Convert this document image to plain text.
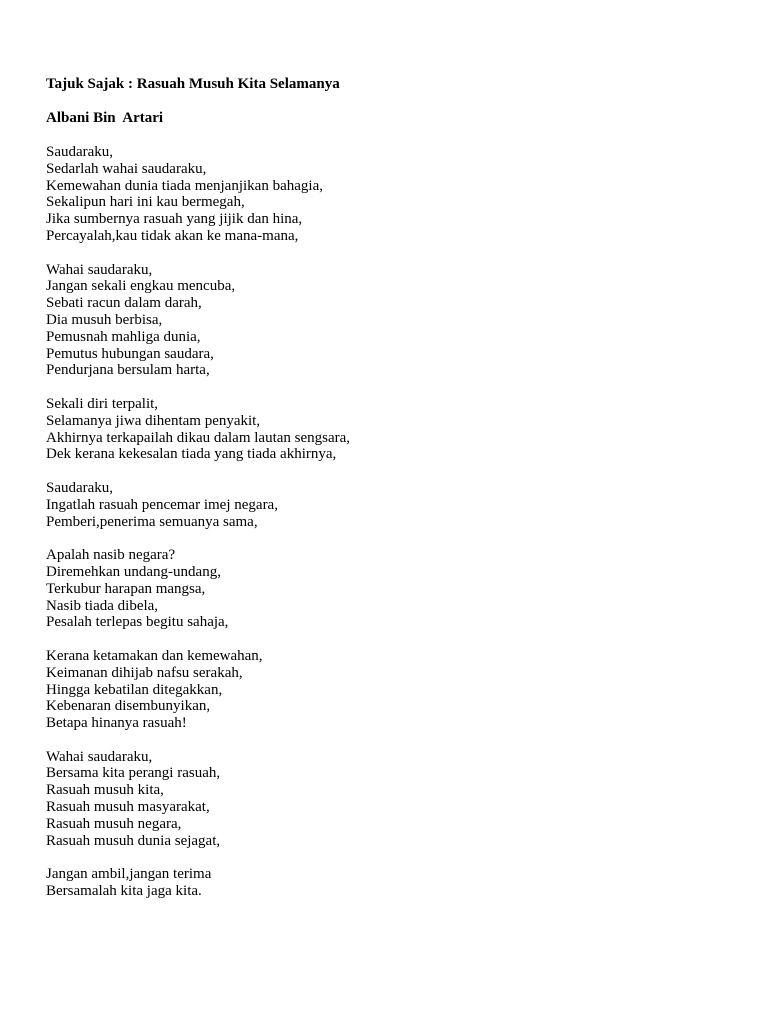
Tajuk Sajak : Rasuah Musuh Kita Selamanya

Albani Bin  Artari

Saudaraku,
Sedarlah wahai saudaraku,
Kemewahan dunia tiada menjanjikan bahagia,
Sekalipun hari ini kau bermegah,
Jika sumbernya rasuah yang jijik dan hina,
Percayalah,kau tidak akan ke mana-mana,
Wahai saudaraku,
Jangan sekali engkau mencuba,
Sebati racun dalam darah,
Dia musuh berbisa,
Pemusnah mahliga dunia,
Pemutus hubungan saudara,
Pendurjana bersulam harta,
Sekali diri terpalit,
Selamanya jiwa dihentam penyakit,
Akhirnya terkapailah dikau dalam lautan sengsara,
Dek kerana kekesalan tiada yang tiada akhirnya,
Saudaraku,
Ingatlah rasuah pencemar imej negara,
Pemberi,penerima semuanya sama,
Apalah nasib negara?
Diremehkan undang-undang,
Terkubur harapan mangsa,
Nasib tiada dibela,
Pesalah terlepas begitu sahaja,
Kerana ketamakan dan kemewahan,
Keimanan dihijab nafsu serakah,
Hingga kebatilan ditegakkan,
Kebenaran disembunyikan,
Betapa hinanya rasuah!
Wahai saudaraku,
Bersama kita perangi rasuah,
Rasuah musuh kita,
Rasuah musuh masyarakat,
Rasuah musuh negara,
Rasuah musuh dunia sejagat,
Jangan ambil,jangan terima
Bersamalah kita jaga kita.
